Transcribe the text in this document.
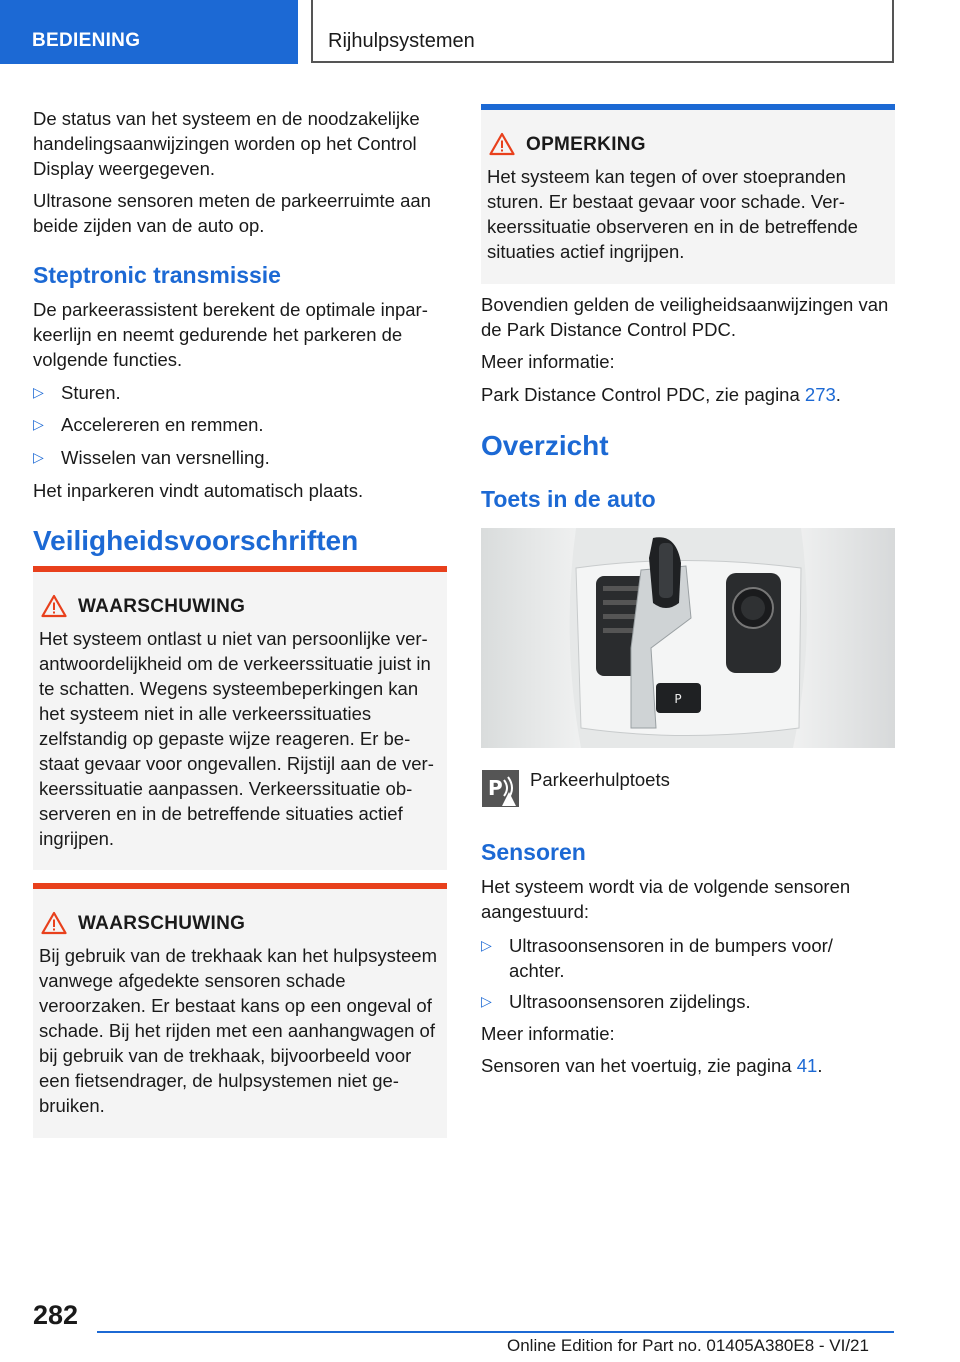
BEDIENING	Rijhulpsystemen

De status van het systeem en de noodzakelijke handelingsaanwijzingen worden op het Control Display weergegeven.

Ultrasone sensoren meten de parkeerruimte aan beide zijden van de auto op.

Steptronic transmissie

De parkeerassistent berekent de optimale inparkeerlijn en neemt gedurende het parkeren de volgende functies.

▷ Sturen.
▷ Accelereren en remmen.
▷ Wisselen van versnelling.

Het inparkeren vindt automatisch plaats.

Veiligheidsvoorschriften
WAARSCHUWING
Het systeem ontlast u niet van persoonlijke verantwoordelijkheid om de verkeerssituatie juist in te schatten. Wegens systeembeperkingen kan het systeem niet in alle verkeerssituaties zelfstandig op gepaste wijze reageren. Er bestaat gevaar voor ongevallen. Rijstijl aan de verkeerssituatie aanpassen. Verkeerssituatie observeren en in de betreffende situaties actief ingrijpen.
WAARSCHUWING
Bij gebruik van de trekhaak kan het hulpsysteem vanwege afgedekte sensoren schade veroorzaken. Er bestaat kans op een ongeval of schade. Bij het rijden met een aanhangwagen of bij gebruik van de trekhaak, bijvoorbeeld voor een fietsendrager, de hulpsystemen niet gebruiken.
OPMERKING
Het systeem kan tegen of over stoepranden sturen. Er bestaat gevaar voor schade. Verkeerssituatie observeren en in de betreffende situaties actief ingrijpen.

Bovendien gelden de veiligheidsaanwijzingen van de Park Distance Control PDC.

Meer informatie:

Park Distance Control PDC, zie pagina 273.

Overzicht
Toets in de auto
P
P Parkeerhulptoets

Sensoren

Het systeem wordt via de volgende sensoren aangestuurd:

▷ Ultrasoonsensoren in de bumpers voor/ achter.
▷ Ultrasoonsensoren zijdelings.

Meer informatie:

Sensoren van het voertuig, zie pagina 41.

282
Online Edition for Part no. 01405A380E8 - VI/21
